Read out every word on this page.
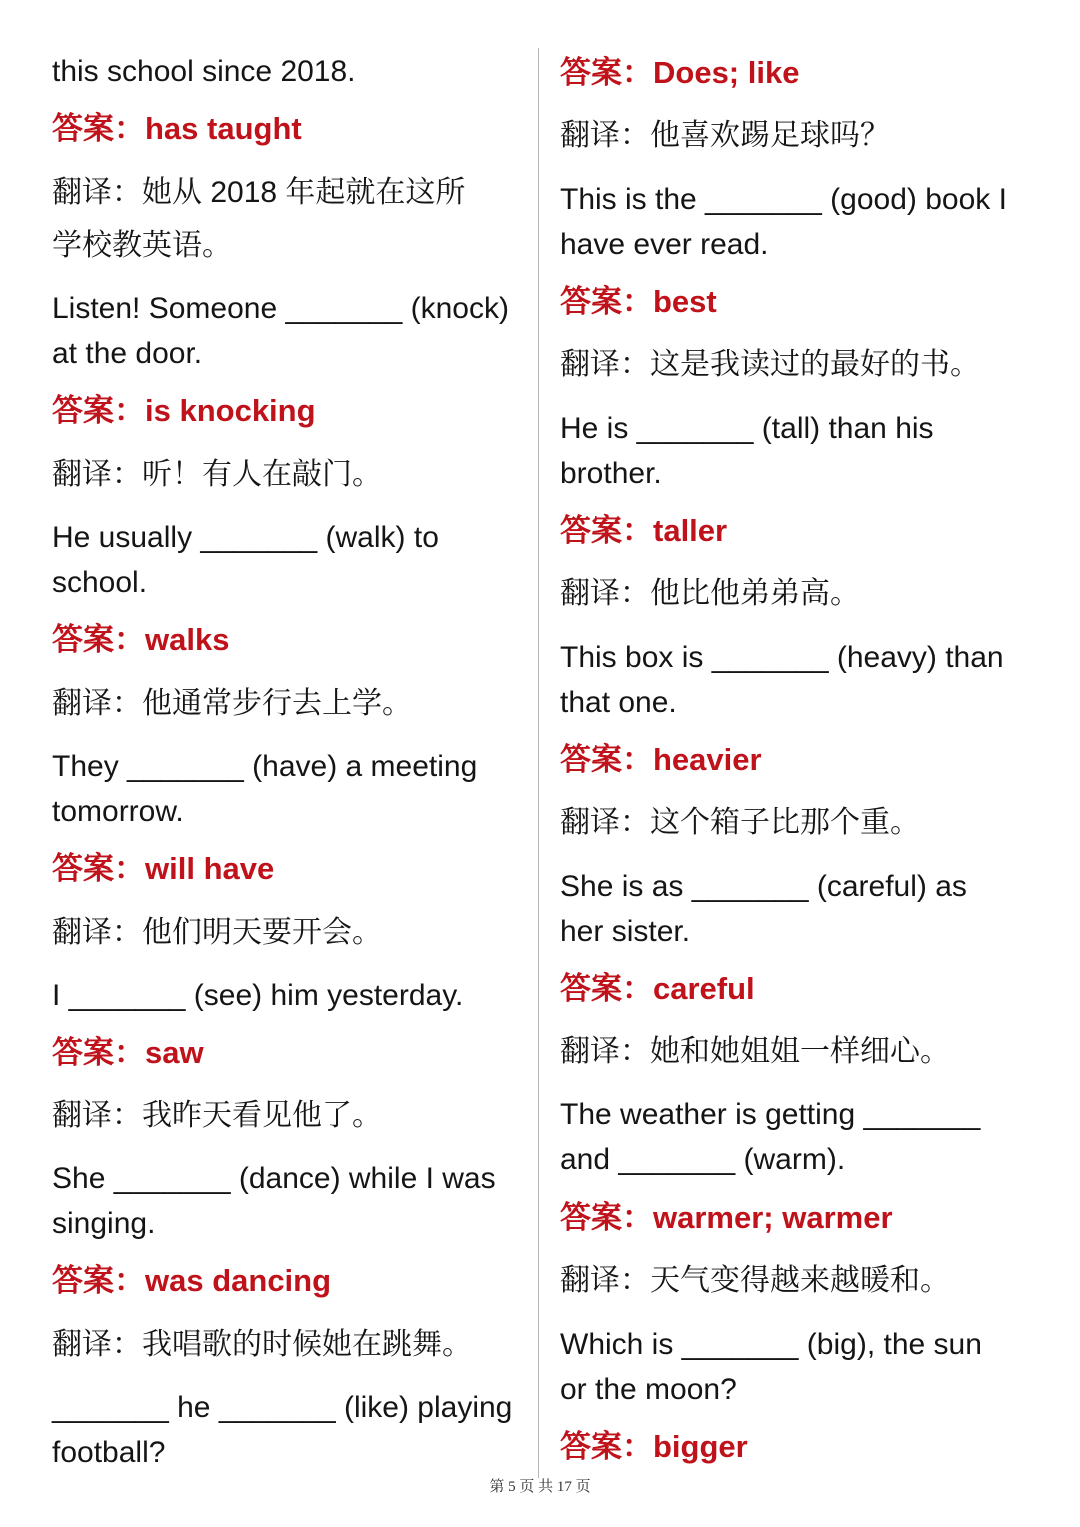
this school since 2018.
答案：has taught
翻译：她从 2018 年起就在这所
学校教英语。
Listen! Someone _______ (knock)
at the door.
答案：is knocking
翻译：听！有人在敲门。
He usually _______ (walk) to
school.
答案：walks
翻译：他通常步行去上学。
They _______ (have) a meeting
tomorrow.
答案：will have
翻译：他们明天要开会。
I _______ (see) him yesterday.
答案：saw
翻译：我昨天看见他了。
She _______ (dance) while I was
singing.
答案：was dancing
翻译：我唱歌的时候她在跳舞。
_______ he _______ (like) playing
football?
答案：Does; like
翻译：他喜欢踢足球吗？
This is the _______ (good) book I
have ever read.
答案：best
翻译：这是我读过的最好的书。
He is _______ (tall) than his
brother.
答案：taller
翻译：他比他弟弟高。
This box is _______ (heavy) than
that one.
答案：heavier
翻译：这个箱子比那个重。
She is as _______ (careful) as
her sister.
答案：careful
翻译：她和她姐姐一样细心。
The weather is getting _______
and _______ (warm).
答案：warmer; warmer
翻译：天气变得越来越暖和。
Which is _______ (big), the sun
or the moon?
答案：bigger
第 5 页 共 17 页
